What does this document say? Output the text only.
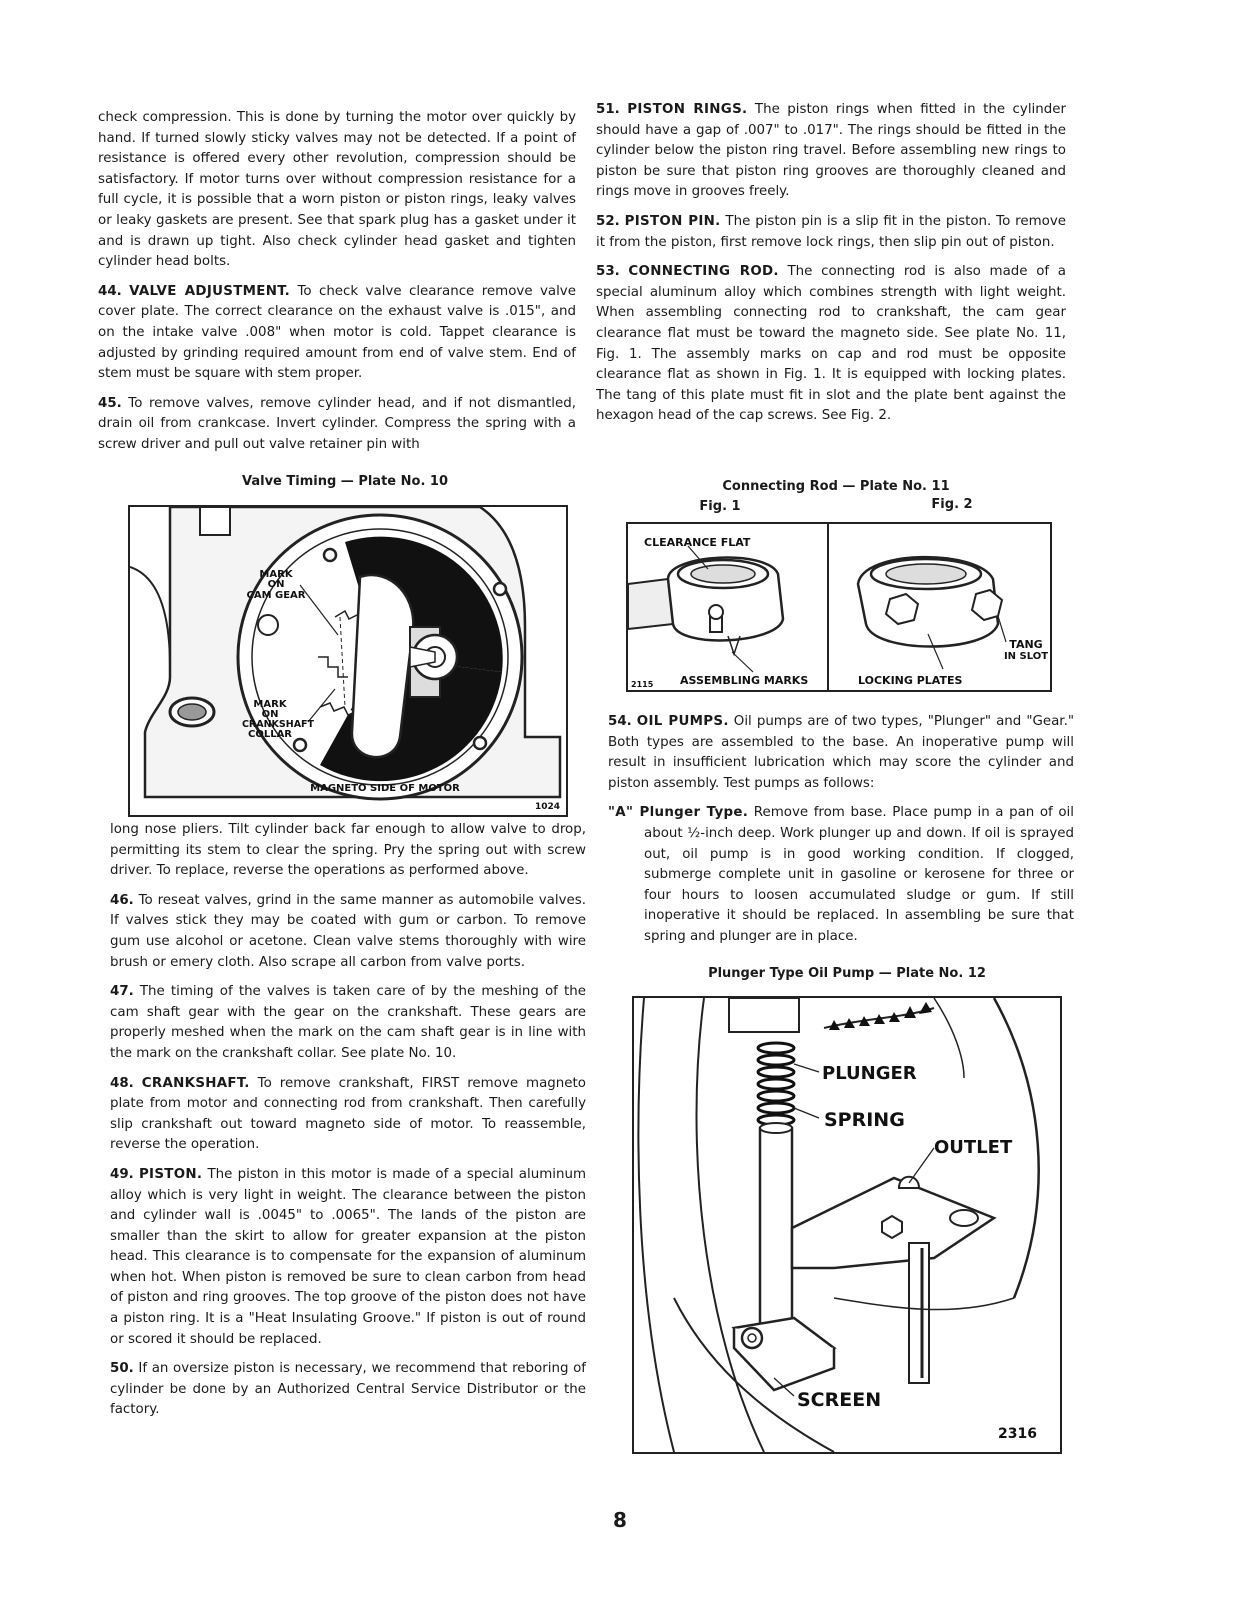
check compression. This is done by turning the motor over quickly by hand. If turned slowly sticky valves may not be detected. If a point of resistance is offered every other revolution, compression should be satisfactory. If motor turns over without compression resistance for a full cycle, it is possible that a worn piston or piston rings, leaky valves or leaky gaskets are present. See that spark plug has a gasket under it and is drawn up tight. Also check cylinder head gasket and tighten cylinder head bolts.

44. VALVE ADJUSTMENT. To check valve clearance remove valve cover plate. The correct clearance on the exhaust valve is .015", and on the intake valve .008" when motor is cold. Tappet clearance is adjusted by grinding required amount from end of valve stem. End of stem must be square with stem proper.

45. To remove valves, remove cylinder head, and if not dismantled, drain oil from crankcase. Invert cylinder. Compress the spring with a screw driver and pull out valve retainer pin with

Valve Timing — Plate No. 10
MARK
ON
CAM GEAR
MARK
ON
CRANKSHAFT
COLLAR
MAGNETO SIDE OF MOTOR
1024

long nose pliers. Tilt cylinder back far enough to allow valve to drop, permitting its stem to clear the spring. Pry the spring out with screw driver. To replace, reverse the operations as performed above.

46. To reseat valves, grind in the same manner as automobile valves. If valves stick they may be coated with gum or carbon. To remove gum use alcohol or acetone. Clean valve stems thoroughly with wire brush or emery cloth. Also scrape all carbon from valve ports.

47. The timing of the valves is taken care of by the meshing of the cam shaft gear with the gear on the crankshaft. These gears are properly meshed when the mark on the cam shaft gear is in line with the mark on the crankshaft collar. See plate No. 10.

48. CRANKSHAFT. To remove crankshaft, FIRST remove magneto plate from motor and connecting rod from crankshaft. Then carefully slip crankshaft out toward magneto side of motor. To reassemble, reverse the operation.

49. PISTON. The piston in this motor is made of a special aluminum alloy which is very light in weight. The clearance between the piston and cylinder wall is .0045" to .0065". The lands of the piston are smaller than the skirt to allow for greater expansion at the piston head. This clearance is to compensate for the expansion of aluminum when hot. When piston is removed be sure to clean carbon from head of piston and ring grooves. The top groove of the piston does not have a piston ring. It is a "Heat Insulating Groove." If piston is out of round or scored it should be replaced.

50. If an oversize piston is necessary, we recommend that reboring of cylinder be done by an Authorized Central Service Distributor or the factory.

51. PISTON RINGS. The piston rings when fitted in the cylinder should have a gap of .007" to .017". The rings should be fitted in the cylinder below the piston ring travel. Before assembling new rings to piston be sure that piston ring grooves are thoroughly cleaned and rings move in grooves freely.

52. PISTON PIN. The piston pin is a slip fit in the piston. To remove it from the piston, first remove lock rings, then slip pin out of piston.

53. CONNECTING ROD. The connecting rod is also made of a special aluminum alloy which combines strength with light weight. When assembling connecting rod to crankshaft, the cam gear clearance flat must be toward the magneto side. See plate No. 11, Fig. 1. The assembly marks on cap and rod must be opposite clearance flat as shown in Fig. 1. It is equipped with locking plates. The tang of this plate must fit in slot and the plate bent against the hexagon head of the cap screws. See Fig. 2.

Connecting Rod — Plate No. 11
Fig. 1	Fig. 2
CLEARANCE FLAT
ASSEMBLING MARKS	LOCKING PLATES
TANG
IN SLOT
2115

54. OIL PUMPS. Oil pumps are of two types, "Plunger" and "Gear." Both types are assembled to the base. An inoperative pump will result in insufficient lubrication which may score the cylinder and piston assembly. Test pumps as follows:

"A" Plunger Type. Remove from base. Place pump in a pan of oil about ½-inch deep. Work plunger up and down. If oil is sprayed out, oil pump is in good working condition. If clogged, submerge complete unit in gasoline or kerosene for three or four hours to loosen accumulated sludge or gum. If still inoperative it should be replaced. In assembling be sure that spring and plunger are in place.

Plunger Type Oil Pump — Plate No. 12
PLUNGER
SPRING
OUTLET
SCREEN
2316
8
